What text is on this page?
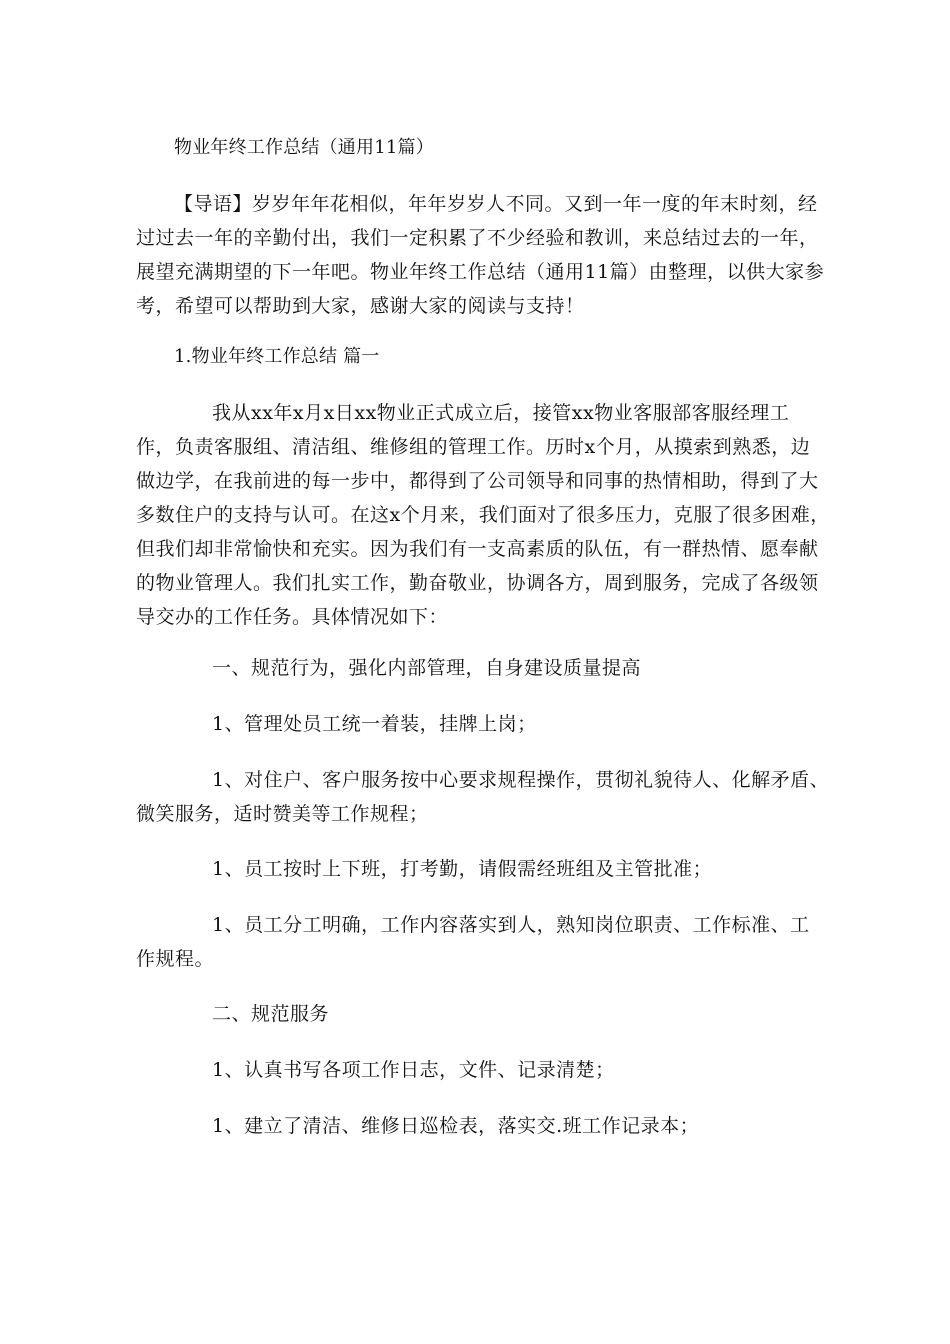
物业年终工作总结（通用11篇）
【导语】岁岁年年花相似，年年岁岁人不同。又到一年一度的年末时刻，经
过过去一年的辛勤付出，我们一定积累了不少经验和教训，来总结过去的一年，
展望充满期望的下一年吧。物业年终工作总结（通用11篇）由整理，以供大家参
考，希望可以帮助到大家，感谢大家的阅读与支持！
1.物业年终工作总结 篇一
我从xx年x月x日xx物业正式成立后，接管xx物业客服部客服经理工
作，负责客服组、清洁组、维修组的管理工作。历时x个月，从摸索到熟悉，边
做边学，在我前进的每一步中，都得到了公司领导和同事的热情相助，得到了大
多数住户的支持与认可。在这x个月来，我们面对了很多压力，克服了很多困难，
但我们却非常愉快和充实。因为我们有一支高素质的队伍，有一群热情、愿奉献
的物业管理人。我们扎实工作，勤奋敬业，协调各方，周到服务，完成了各级领
导交办的工作任务。具体情况如下：
一、规范行为，强化内部管理，自身建设质量提高
1、管理处员工统一着装，挂牌上岗；
1、对住户、客户服务按中心要求规程操作，贯彻礼貌待人、化解矛盾、
微笑服务，适时赞美等工作规程；
1、员工按时上下班，打考勤，请假需经班组及主管批准；
1、员工分工明确，工作内容落实到人，熟知岗位职责、工作标准、工
作规程。
二、规范服务
1、认真书写各项工作日志，文件、记录清楚；
1、建立了清洁、维修日巡检表，落实交.班工作记录本；
